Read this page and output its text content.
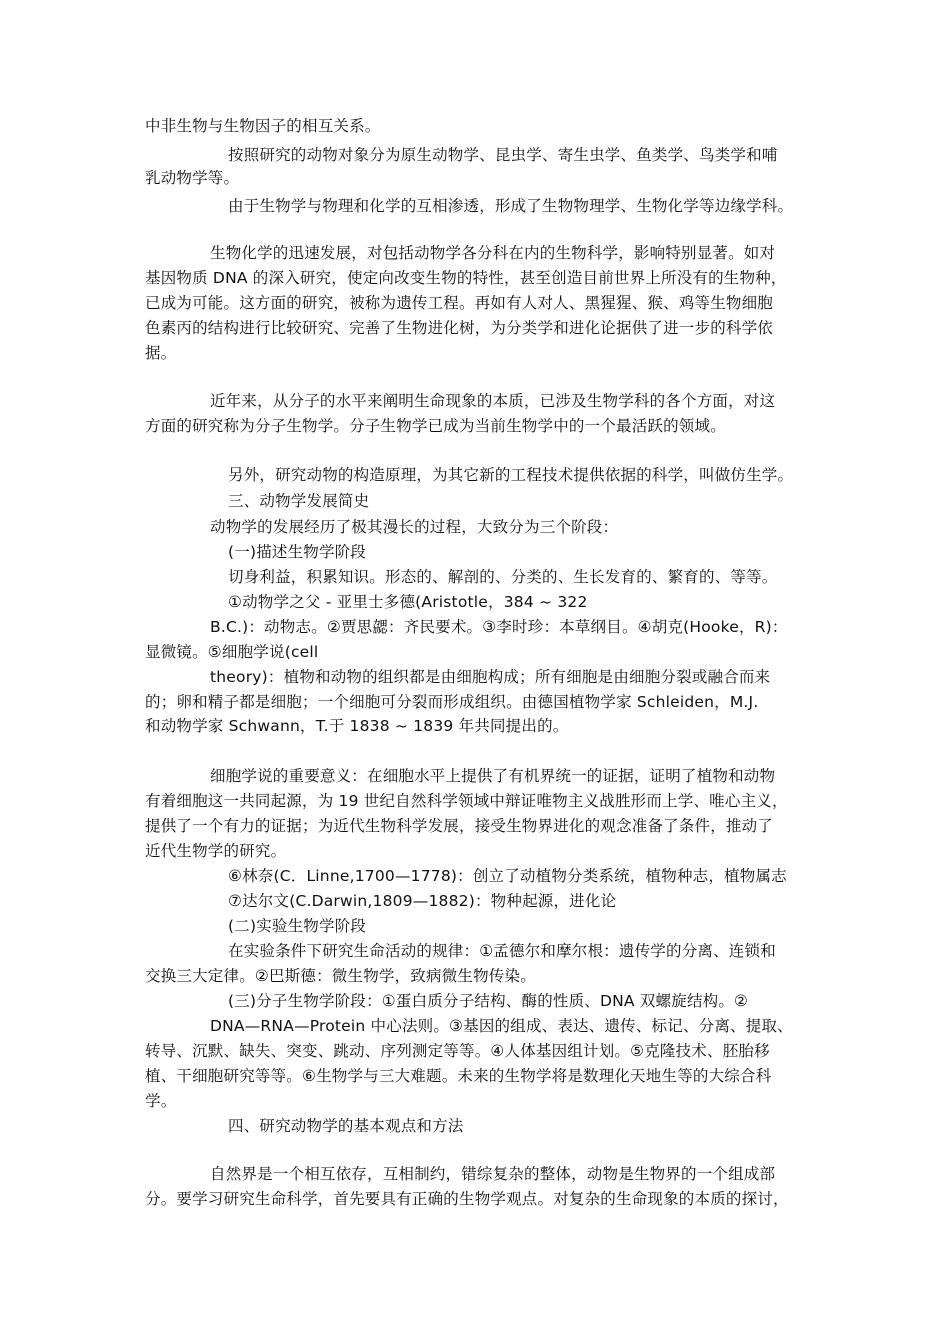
中非生物与生物因子的相互关系。
按照研究的动物对象分为原生动物学、昆虫学、寄生虫学、鱼类学、鸟类学和哺
乳动物学等。
由于生物学与物理和化学的互相渗透，形成了生物物理学、生物化学等边缘学科。
生物化学的迅速发展，对包括动物学各分科在内的生物科学，影响特别显著。如对
基因物质 DNA 的深入研究，使定向改变生物的特性，甚至创造目前世界上所没有的生物种，
已成为可能。这方面的研究，被称为遗传工程。再如有人对人、黑猩猩、猴、鸡等生物细胞
色素丙的结构进行比较研究、完善了生物进化树，为分类学和进化论据供了进一步的科学依
据。
近年来，从分子的水平来阐明生命现象的本质，已涉及生物学科的各个方面，对这
方面的研究称为分子生物学。分子生物学已成为当前生物学中的一个最活跃的领域。
另外，研究动物的构造原理，为其它新的工程技术提供依据的科学，叫做仿生学。
三、动物学发展简史
动物学的发展经历了极其漫长的过程，大致分为三个阶段：
(一)描述生物学阶段
切身利益，积累知识。形态的、解剖的、分类的、生长发育的、繁育的、等等。
①动物学之父 - 亚里士多德(Aristotle，384 ~ 322
B.C.)：动物志。②贾思勰：齐民要术。③李时珍：本草纲目。④胡克(Hooke，R)：
显微镜。⑤细胞学说(cell
theory)：植物和动物的组织都是由细胞构成；所有细胞是由细胞分裂或融合而来
的；卵和精子都是细胞；一个细胞可分裂而形成组织。由德国植物学家 Schleiden，M.J.
和动物学家 Schwann，T.于 1838 ~ 1839 年共同提出的。
细胞学说的重要意义：在细胞水平上提供了有机界统一的证据，证明了植物和动物
有着细胞这一共同起源，为 19 世纪自然科学领域中辩证唯物主义战胜形而上学、唯心主义，
提供了一个有力的证据；为近代生物科学发展，接受生物界进化的观念准备了条件，推动了
近代生物学的研究。
⑥林奈(C．Linne,1700—1778)：创立了动植物分类系统，植物种志，植物属志
⑦达尔文(C.Darwin,1809—1882)：物种起源，进化论
(二)实验生物学阶段
在实验条件下研究生命活动的规律：①孟德尔和摩尔根：遗传学的分离、连锁和
交换三大定律。②巴斯德：微生物学，致病微生物传染。
(三)分子生物学阶段：①蛋白质分子结构、酶的性质、DNA 双螺旋结构。②
DNA—RNA—Protein 中心法则。③基因的组成、表达、遗传、标记、分离、提取、
转导、沉默、缺失、突变、跳动、序列测定等等。④人体基因组计划。⑤克隆技术、胚胎移
植、干细胞研究等等。⑥生物学与三大难题。未来的生物学将是数理化天地生等的大综合科
学。
四、研究动物学的基本观点和方法
自然界是一个相互依存，互相制约，错综复杂的整体，动物是生物界的一个组成部
分。要学习研究生命科学，首先要具有正确的生物学观点。对复杂的生命现象的本质的探讨，
